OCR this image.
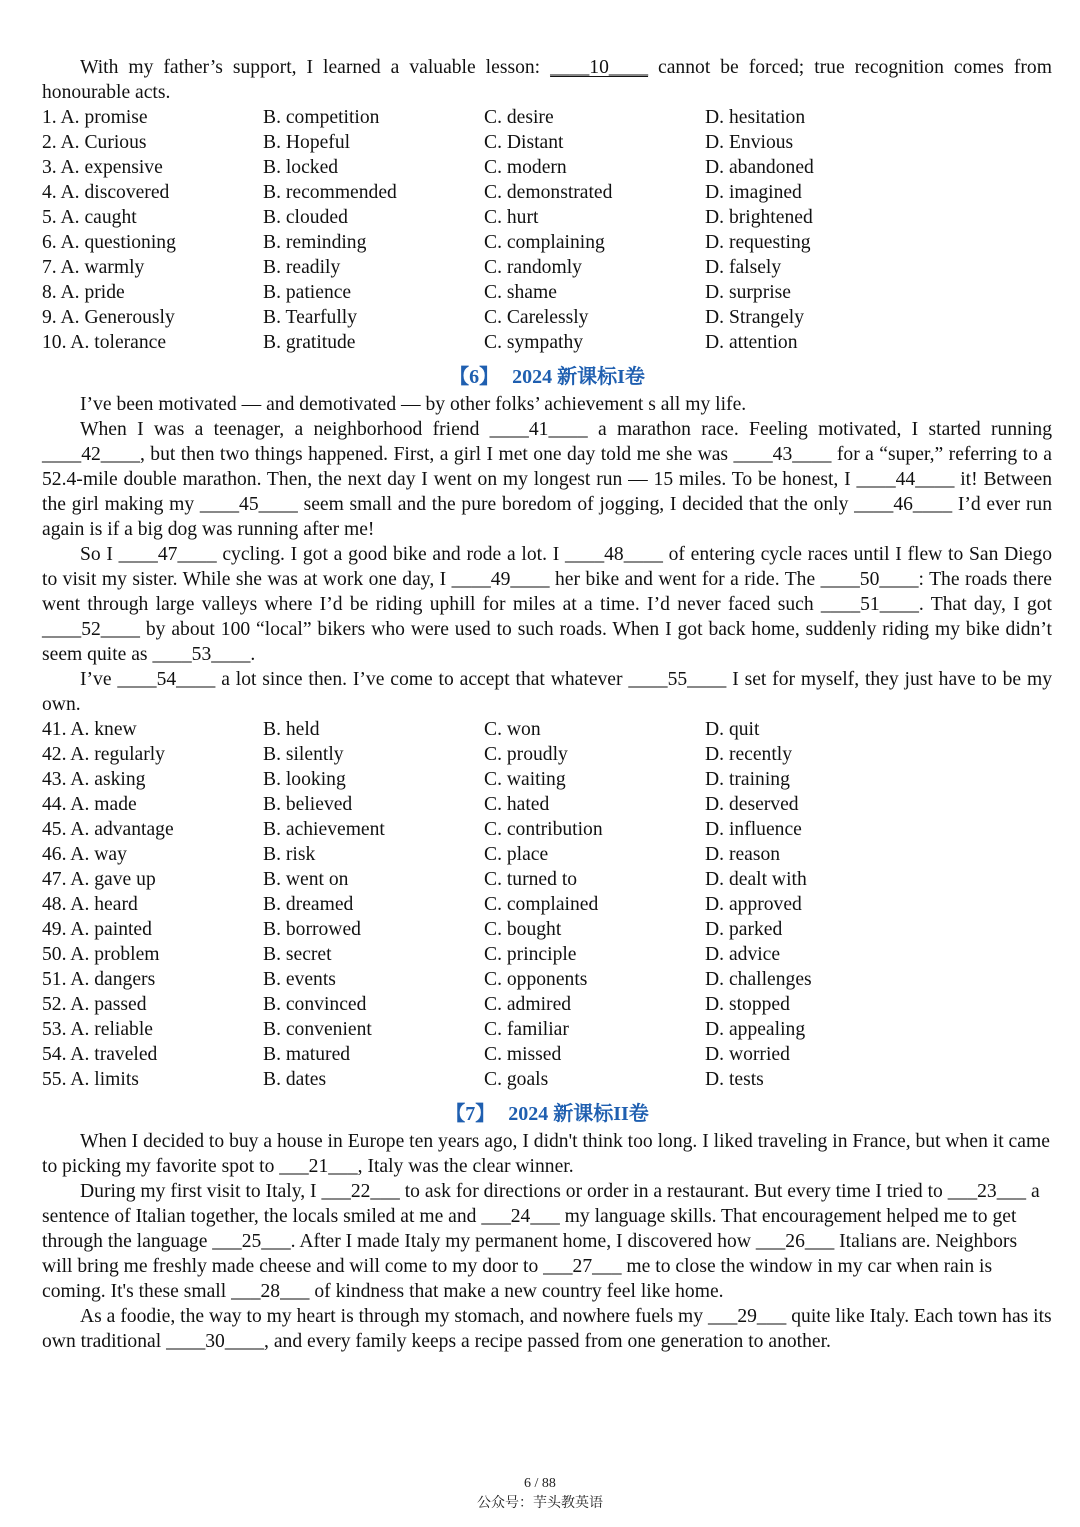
With my father’s support, I learned a valuable lesson: ____10____ cannot be forced; true recognition comes from honourable acts.

1. A. promise	B. competition	C. desire	D. hesitation
2. A. Curious	B. Hopeful	C. Distant	D. Envious
3. A. expensive	B. locked	C. modern	D. abandoned
4. A. discovered	B. recommended	C. demonstrated	D. imagined
5. A. caught	B. clouded	C. hurt	D. brightened
6. A. questioning	B. reminding	C. complaining	D. requesting
7. A. warmly	B. readily	C. randomly	D. falsely
8. A. pride	B. patience	C. shame	D. surprise
9. A. Generously	B. Tearfully	C. Carelessly	D. Strangely
10. A. tolerance	B. gratitude	C. sympathy	D. attention
【6】 2024 新课标I卷

I’ve been motivated — and demotivated — by other folks’ achievement s all my life.

When I was a teenager, a neighborhood friend ____41____ a marathon race. Feeling motivated, I started running ____42____, but then two things happened. First, a girl I met one day told me she was ____43____ for a “super,” referring to a 52.4-mile double marathon. Then, the next day I went on my longest run — 15 miles. To be honest, I ____44____ it! Between the girl making my ____45____ seem small and the pure boredom of jogging, I decided that the only ____46____ I’d ever run again is if a big dog was running after me!

So I ____47____ cycling. I got a good bike and rode a lot. I ____48____ of entering cycle races until I flew to San Diego to visit my sister. While she was at work one day, I ____49____ her bike and went for a ride. The ____50____: The roads there went through large valleys where I’d be riding uphill for miles at a time. I’d never faced such ____51____. That day, I got ____52____ by about 100 “local” bikers who were used to such roads. When I got back home, suddenly riding my bike didn’t seem quite as ____53____.

I’ve ____54____ a lot since then. I’ve come to accept that whatever ____55____ I set for myself, they just have to be my own.

41. A. knew	B. held	C. won	D. quit
42. A. regularly	B. silently	C. proudly	D. recently
43. A. asking	B. looking	C. waiting	D. training
44. A. made	B. believed	C. hated	D. deserved
45. A. advantage	B. achievement	C. contribution	D. influence
46. A. way	B. risk	C. place	D. reason
47. A. gave up	B. went on	C. turned to	D. dealt with
48. A. heard	B. dreamed	C. complained	D. approved
49. A. painted	B. borrowed	C. bought	D. parked
50. A. problem	B. secret	C. principle	D. advice
51. A. dangers	B. events	C. opponents	D. challenges
52. A. passed	B. convinced	C. admired	D. stopped
53. A. reliable	B. convenient	C. familiar	D. appealing
54. A. traveled	B. matured	C. missed	D. worried
55. A. limits	B. dates	C. goals	D. tests
【7】 2024 新课标II卷

When I decided to buy a house in Europe ten years ago, I didn't think too long. I liked traveling in France, but when it came to picking my favorite spot to ___21___, Italy was the clear winner.

During my first visit to Italy, I ___22___ to ask for directions or order in a restaurant. But every time I tried to ___23___ a sentence of Italian together, the locals smiled at me and ___24___ my language skills. That encouragement helped me to get through the language ___25___. After I made Italy my permanent home, I discovered how ___26___ Italians are. Neighbors will bring me freshly made cheese and will come to my door to ___27___ me to close the window in my car when rain is coming. It's these small ___28___ of kindness that make a new country feel like home.

As a foodie, the way to my heart is through my stomach, and nowhere fuels my ___29___ quite like Italy. Each town has its own traditional ____30____, and every family keeps a recipe passed from one generation to another.

6 / 88
公众号：芋头教英语
